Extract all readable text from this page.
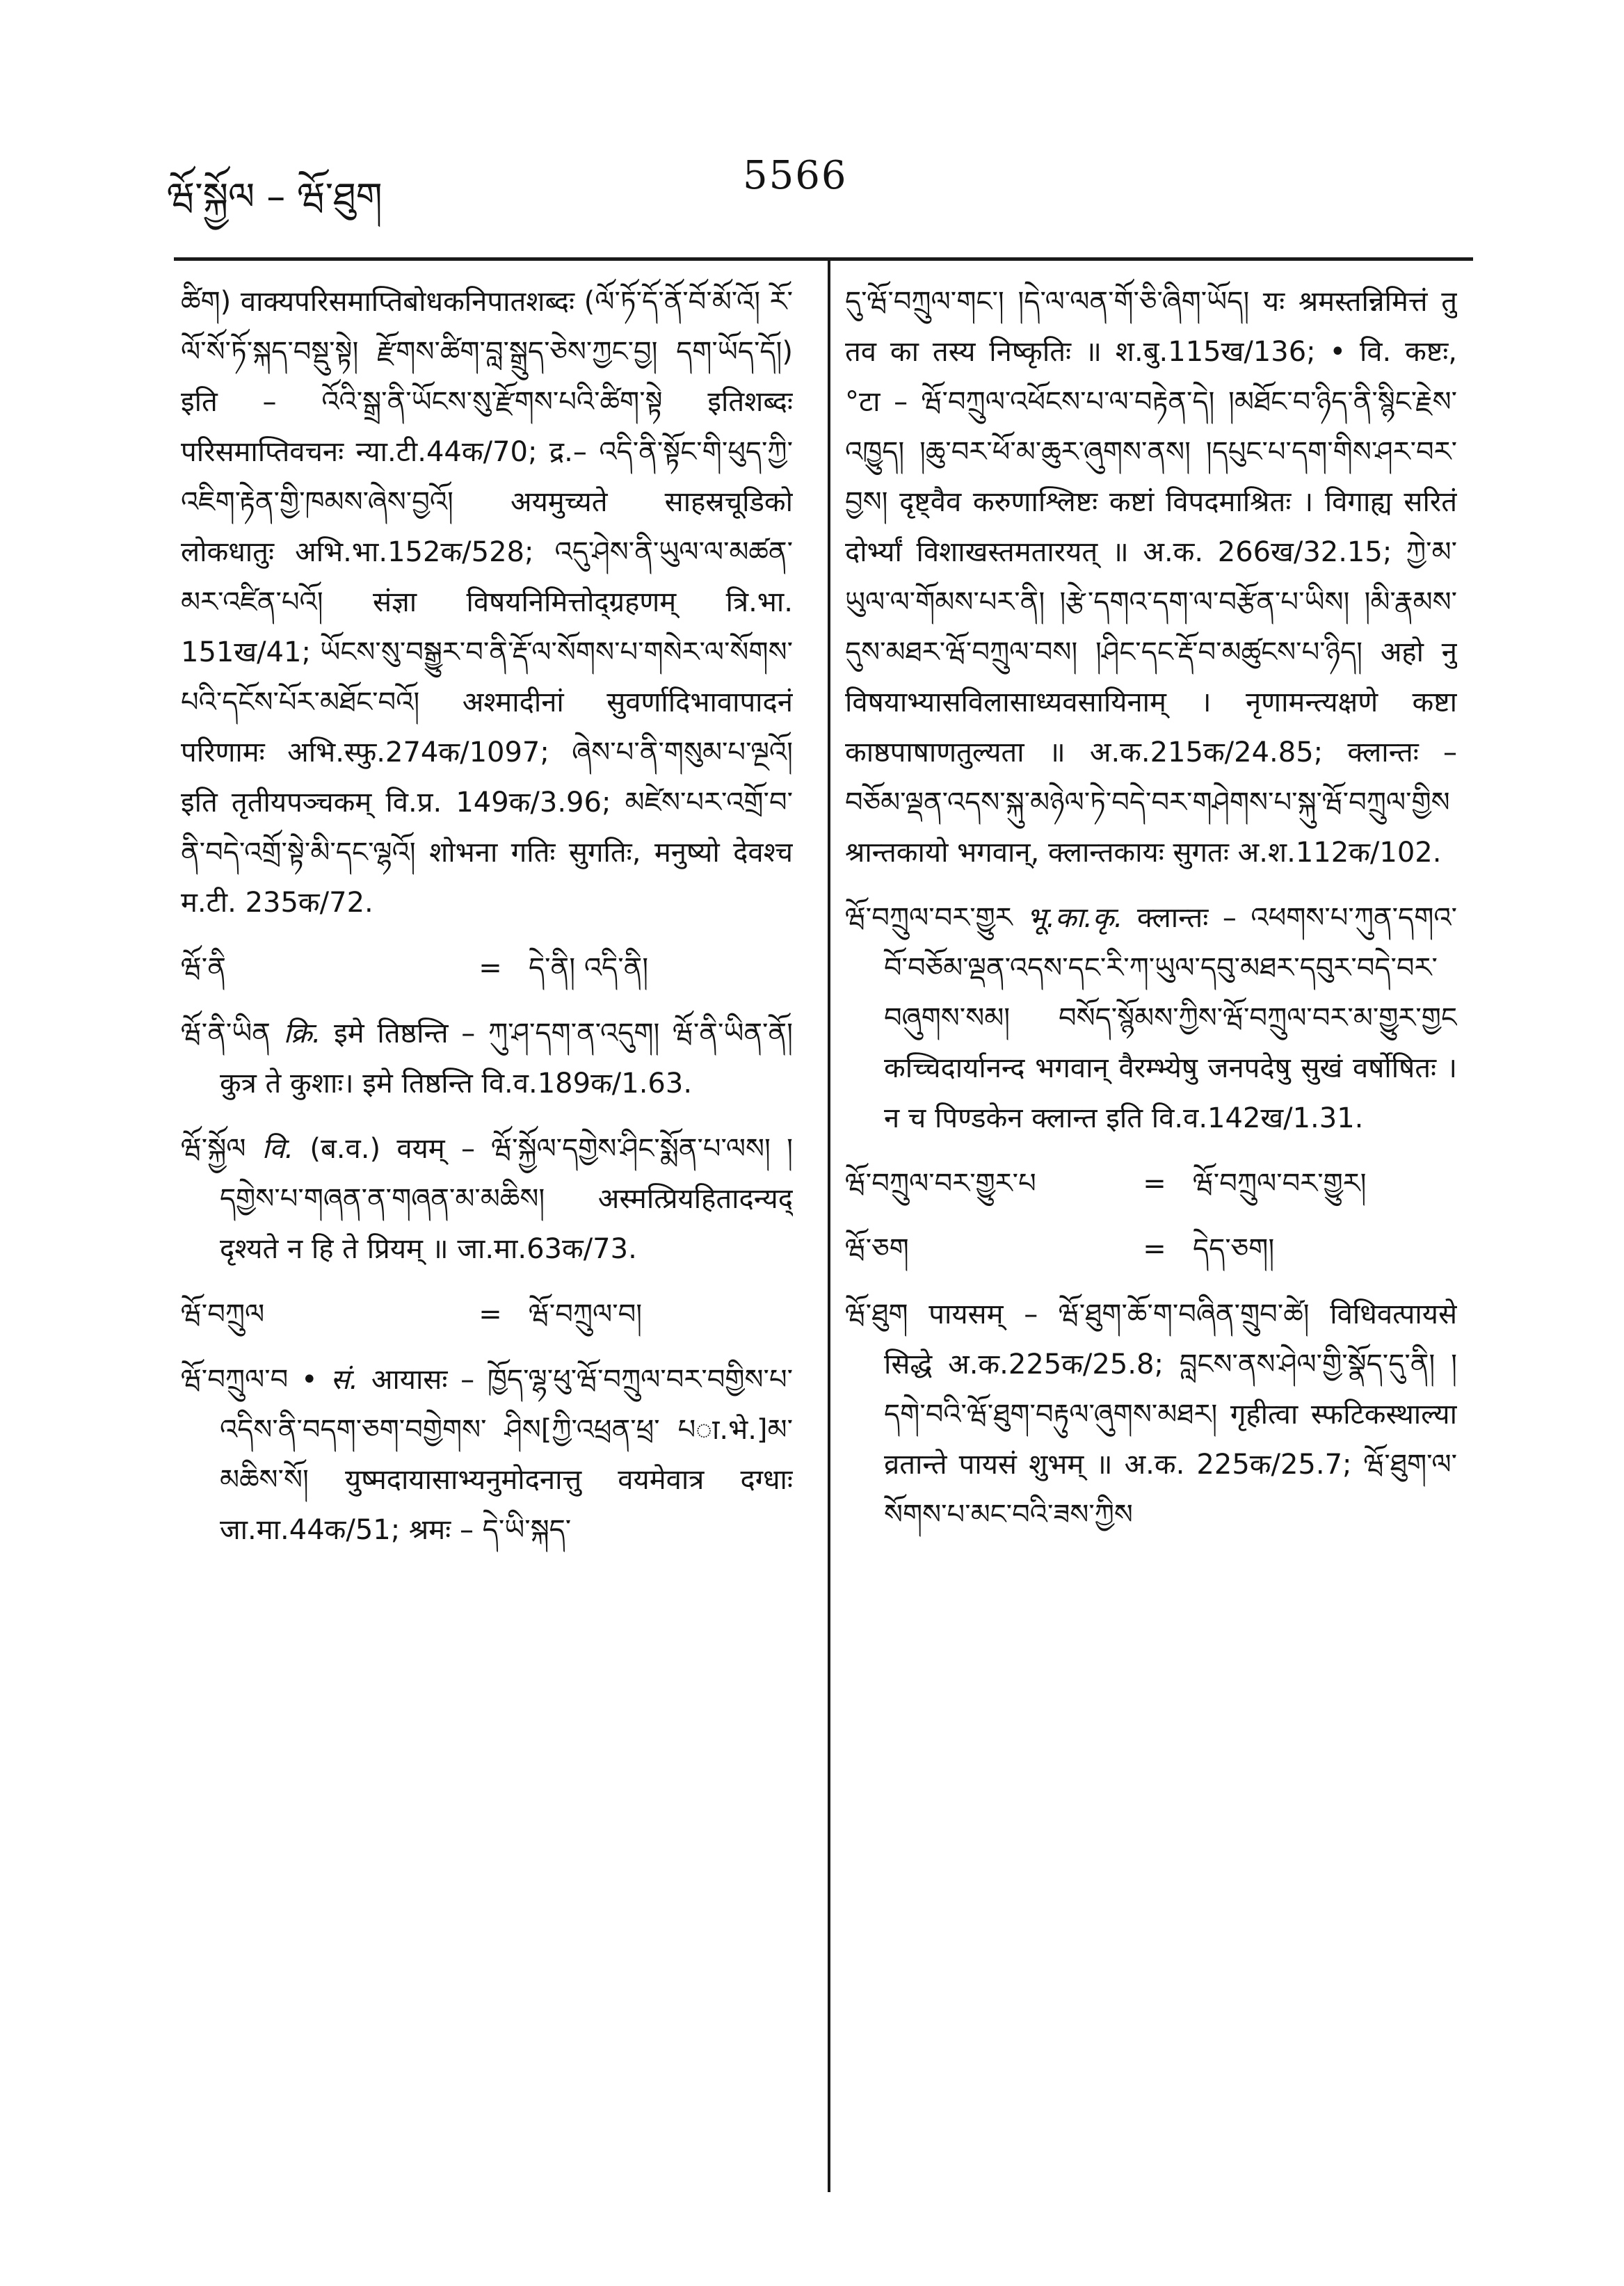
ཝོ་སྐྱོལ – ཝོ་ཐུག	5566

ཚིག) वाक्यपरिसमाप्तिबोधकनिपातशब्दः (ལོ་ཏོ་དོ་ནོ་བོ་མོ་འོ། རོ་ལོ་སོ་ཏོ་སྐད་བསྡུ་སྟེ། རྫོགས་ཚིག་བླ་སྒྲུད་ཅེས་ཀྱང་བྱ། དག་ཡོད་དོ།) इति – འོའི་སྒྲ་ནི་ཡོངས་སུ་རྫོགས་པའི་ཚིག་སྟེ इतिशब्दः परिसमाप्तिवचनः न्या.टी.44क/70; द्र.– འདི་ནི་སྟོང་གི་ཕུད་ཀྱི་འཇིག་རྟེན་གྱི་ཁམས་ཞེས་བྱའོ། अयमुच्यते साहस्रचूडिको लोकधातुः अभि.भा.152क/528; འདུ་ཤེས་ནི་ཡུལ་ལ་མཚན་མར་འཛིན་པའོ། संज्ञा विषयनिमित्तोद्ग्रहणम् त्रि.भा. 151ख/41; ཡོངས་སུ་བསྒྱུར་བ་ནི་རྡོ་ལ་སོགས་པ་གསེར་ལ་སོགས་པའི་དངོས་པོར་མཐོང་བའོ། अश्मादीनां सुवर्णादिभावापादनं परिणामः अभि.स्फु.274क/1097; ཞེས་པ་ནི་གསུམ་པ་ལྔའོ། इति तृतीयपञ्चकम् वि.प्र. 149क/3.96; མཛེས་པར་འགྲོ་བ་ནི་བདེ་འགྲོ་སྟེ་མི་དང་ལྷའོ། शोभना गतिः सुगतिः, मनुष्यो देवश्च म.टी. 235क/72.

ཝོ་ནི	= དེ་ནི། འདི་ནི།

ཝོ་ནི་ཡིན क्रि. इमे तिष्ठन्ति – ཀུ་ཤ་དག་ན་འདུག། ཝོ་ནི་ཡིན་ནོ། कुत्र ते कुशाः। इमे तिष्ठन्ति वि.व.189क/1.63.

ཝོ་སྐྱོལ वि. (ब.व.) वयम् – ཝོ་སྐྱོལ་དགྱེས་ཤིང་སྨོན་པ་ལས། །དགྱེས་པ་གཞན་ན་གཞན་མ་མཆིས། अस्मत्प्रियहितादन्यद् दृश्यते न हि ते प्रियम् ॥ जा.मा.63क/73.

ཝོ་བཀྲུལ	= ཝོ་བཀྲུལ་བ།

ཝོ་བཀྲུལ་བ • सं. आयासः – ཁྱོད་ལྷ་ཕུ་ཝོ་བཀྲུལ་བར་བགྱིས་པ་འདིས་ནི་བདག་ཅག་བགྱེགས་ ཤིས[ཀྱི་འཕྲན་ཕྲ་ པा.भे.]མ་མཆིས་སོ། युष्मदायासाभ्यनुमोदनात्तु वयमेवात्र दग्धाः जा.मा.44क/51; श्रमः – དེ་ཡི་སྐད་

དུ་ཝོ་བཀྲུལ་གང་། །དེ་ལ་ལན་གོ་ཅི་ཞིག་ཡོད། यः श्रमस्तन्निमित्तं तु तव का तस्य निष्कृतिः ॥ श.बु.115ख/136; • वि. कष्टः, °टा – ཝོ་བཀྲུལ་འཕོངས་པ་ལ་བརྟེན་དེ། །མཐོང་བ་ཉིད་ནི་སྙིང་རྗེས་འཁྱུད། །ཆུ་བར་ཕོ་མ་ཆུར་ཞུགས་ནས། །དཔུང་པ་དག་གིས་ཤར་བར་བྱས། दृष्ट्वैव करुणाश्लिष्टः कष्टां विपदमाश्रितः । विगाह्य सरितं दोर्भ्यां विशाखस्तमतारयत् ॥ अ.क. 266ख/32.15; ཀྱེ་མ་ཡུལ་ལ་གོམས་པར་ནི། །རྩེ་དགའ་དག་ལ་བརྩོན་པ་ཡིས། །མི་རྣམས་དུས་མཐར་ཝོ་བཀྲུལ་བས། །ཤིང་དང་རྡོ་བ་མཚུངས་པ་ཉིད། अहो नु विषयाभ्यासविलासाध्यवसायिनाम् । नृणामन्त्यक्षणे कष्टा काष्ठपाषाणतुल्यता ॥ अ.क.215क/24.85; क्लान्तः – བཅོམ་ལྡན་འདས་སྐུ་མཉེལ་ཏེ་བདེ་བར་གཤེགས་པ་སྐུ་ཝོ་བཀྲུལ་གྱིས श्रान्तकायो भगवान्, क्लान्तकायः सुगतः अ.श.112क/102.

ཝོ་བཀྲུལ་བར་གྱུར भू.का.कृ. क्लान्तः – འཕགས་པ་ཀུན་དགའ་བོ་བཅོམ་ལྡན་འདས་དང་རི་ཀ་ཡུལ་དབུ་མཐར་དབུར་བདེ་བར་བཞུགས་སམ། བསོད་སྙོམས་ཀྱིས་ཝོ་བཀྲུལ་བར་མ་གྱུར་གྱང कच्चिदार्यानन्द भगवान् वैरम्भ्येषु जनपदेषु सुखं वर्षोषितः । न च पिण्डकेन क्लान्त इति वि.व.142ख/1.31.

ཝོ་བཀྲུལ་བར་གྱུར་པ	= ཝོ་བཀྲུལ་བར་གྱུར།
ཝོ་ཅག	= དེད་ཅག།

ཝོ་ཐུག पायसम् – ཝོ་ཐུག་ཆོ་ག་བཞིན་གྲུབ་ཚེ། विधिवत्पायसे सिद्धे अ.क.225क/25.8; བླངས་ནས་ཤེལ་གྱི་སྣོད་དུ་ནི། །དགེ་བའི་ཝོ་ཐུག་བརྟུལ་ཞུགས་མཐར། गृहीत्वा स्फटिकस्थाल्या व्रतान्ते पायसं शुभम् ॥ अ.क. 225क/25.7; ཝོ་ཐུག་ལ་སོགས་པ་མང་བའི་ཟས་ཀྱིས
